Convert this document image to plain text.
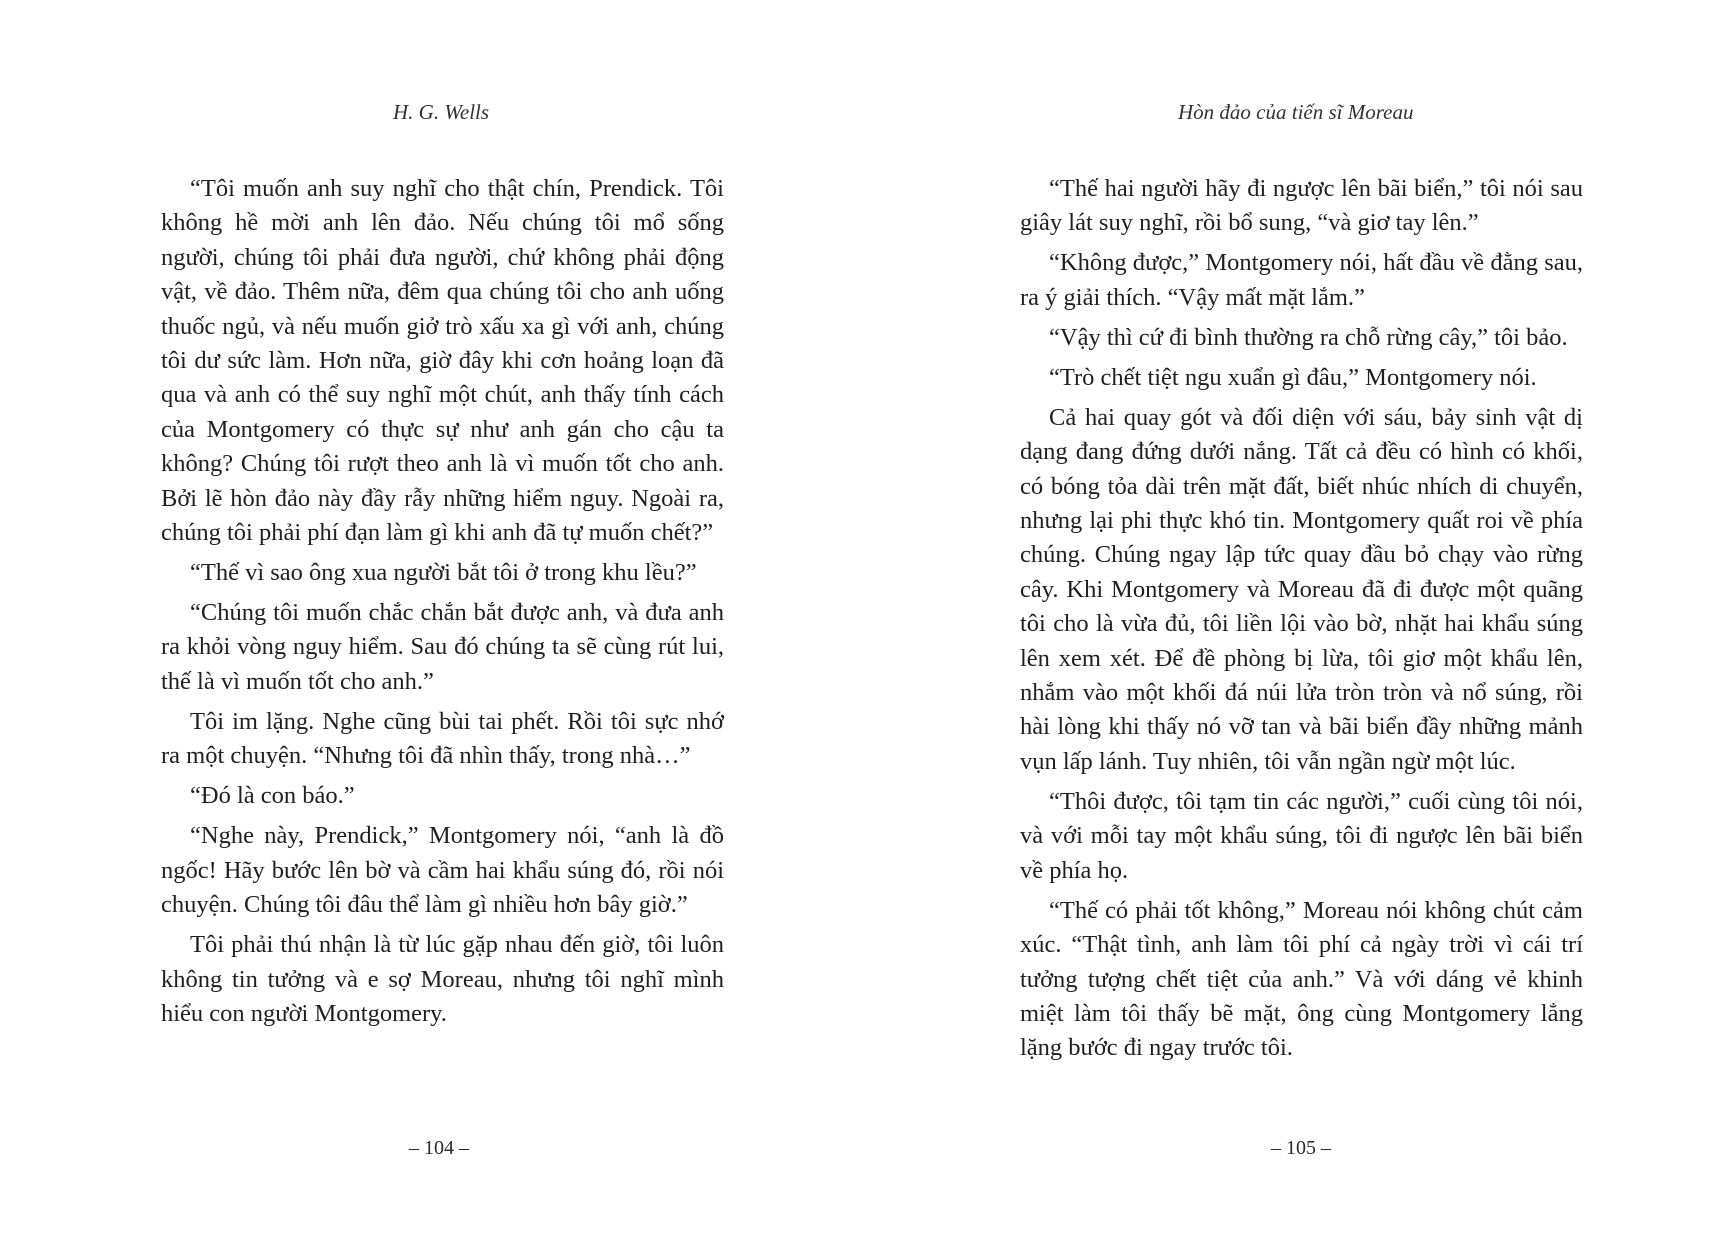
H. G. Wells

“Tôi muốn anh suy nghĩ cho thật chín, Prendick. Tôi không hề mời anh lên đảo. Nếu chúng tôi mổ sống người, chúng tôi phải đưa người, chứ không phải động vật, về đảo. Thêm nữa, đêm qua chúng tôi cho anh uống thuốc ngủ, và nếu muốn giở trò xấu xa gì với anh, chúng tôi dư sức làm. Hơn nữa, giờ đây khi cơn hoảng loạn đã qua và anh có thể suy nghĩ một chút, anh thấy tính cách của Montgomery có thực sự như anh gán cho cậu ta không? Chúng tôi rượt theo anh là vì muốn tốt cho anh. Bởi lẽ hòn đảo này đầy rẫy những hiểm nguy. Ngoài ra, chúng tôi phải phí đạn làm gì khi anh đã tự muốn chết?”

“Thế vì sao ông xua người bắt tôi ở trong khu lều?”

“Chúng tôi muốn chắc chắn bắt được anh, và đưa anh ra khỏi vòng nguy hiểm. Sau đó chúng ta sẽ cùng rút lui, thế là vì muốn tốt cho anh.”

Tôi im lặng. Nghe cũng bùi tai phết. Rồi tôi sực nhớ ra một chuyện. “Nhưng tôi đã nhìn thấy, trong nhà…”

“Đó là con báo.”

“Nghe này, Prendick,” Montgomery nói, “anh là đồ ngốc! Hãy bước lên bờ và cầm hai khẩu súng đó, rồi nói chuyện. Chúng tôi đâu thể làm gì nhiều hơn bây giờ.”

Tôi phải thú nhận là từ lúc gặp nhau đến giờ, tôi luôn không tin tưởng và e sợ Moreau, nhưng tôi nghĩ mình hiểu con người Montgomery.

– 104 –
Hòn đảo của tiến sĩ Moreau

“Thế hai người hãy đi ngược lên bãi biển,” tôi nói sau giây lát suy nghĩ, rồi bổ sung, “và giơ tay lên.”

“Không được,” Montgomery nói, hất đầu về đằng sau, ra ý giải thích. “Vậy mất mặt lắm.”

“Vậy thì cứ đi bình thường ra chỗ rừng cây,” tôi bảo.

“Trò chết tiệt ngu xuẩn gì đâu,” Montgomery nói.

Cả hai quay gót và đối diện với sáu, bảy sinh vật dị dạng đang đứng dưới nắng. Tất cả đều có hình có khối, có bóng tỏa dài trên mặt đất, biết nhúc nhích di chuyển, nhưng lại phi thực khó tin. Montgomery quất roi về phía chúng. Chúng ngay lập tức quay đầu bỏ chạy vào rừng cây. Khi Montgomery và Moreau đã đi được một quãng tôi cho là vừa đủ, tôi liền lội vào bờ, nhặt hai khẩu súng lên xem xét. Để đề phòng bị lừa, tôi giơ một khẩu lên, nhắm vào một khối đá núi lửa tròn tròn và nổ súng, rồi hài lòng khi thấy nó vỡ tan và bãi biển đầy những mảnh vụn lấp lánh. Tuy nhiên, tôi vẫn ngần ngừ một lúc.

“Thôi được, tôi tạm tin các người,” cuối cùng tôi nói, và với mỗi tay một khẩu súng, tôi đi ngược lên bãi biển về phía họ.

“Thế có phải tốt không,” Moreau nói không chút cảm xúc. “Thật tình, anh làm tôi phí cả ngày trời vì cái trí tưởng tượng chết tiệt của anh.” Và với dáng vẻ khinh miệt làm tôi thấy bẽ mặt, ông cùng Montgomery lẳng lặng bước đi ngay trước tôi.

– 105 –
